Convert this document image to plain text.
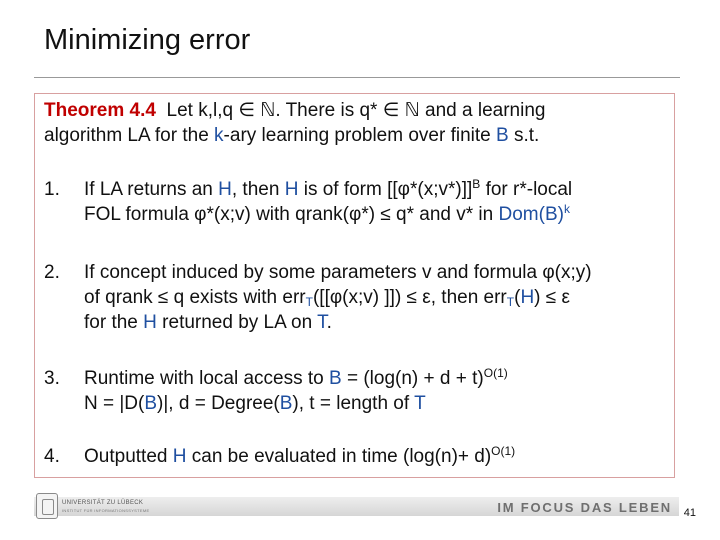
Minimizing error
Theorem 4.4 Let k,l,q ∈ ℕ. There is q* ∈ ℕ and a learning
algorithm LA for the k-ary learning problem over finite B s.t.
1. If LA returns an H, then H is of form [[φ*(x;v*)]]$^B$ for r*-local
FOL formula φ*(x;v) with qrank(φ*) ≤ q* and v* in $Dom(B)^k$
2. If concept induced by some parameters v and formula φ(x;y)
of qrank ≤ q exists with err$_T$([[φ(x;v) ]]) ≤ ε, then err$_T$(H) ≤ ε
for the H returned by LA on T.
3. Runtime with local access to $B = (\log(n) + d + t)^{O(1)}$
N = |D(B)|, d = Degree(B), t = length of T
4. Outputted H can be evaluated in time $(\log(n)+ d)^{O(1)}$
UNIVERSITÄT ZU LÜBECK
INSTITUT FÜR INFORMATIONSSYSTEME	IM FOCUS DAS LEBEN 41
